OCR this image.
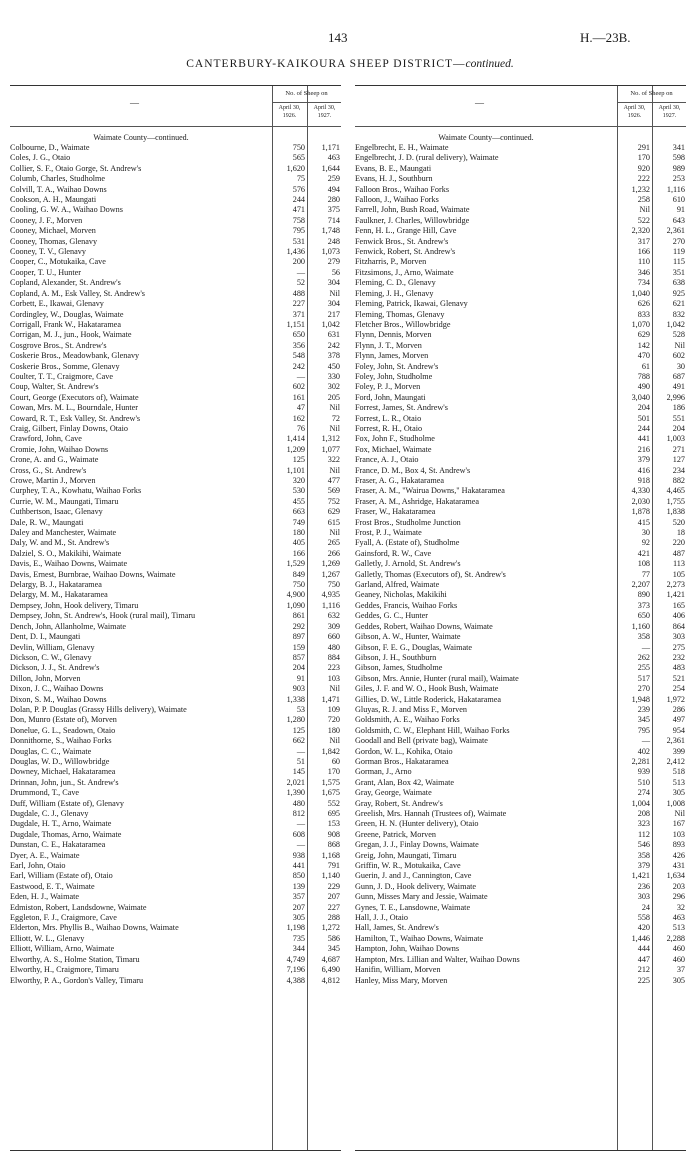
143	H.—23B.
CANTERBURY-KAIKOURA SHEEP DISTRICT—continued.
—
No. of Sheep on
April 30, 1926.
April 30, 1927.
Waimate County—continued.
Colbourne, D., Waimate	750	1,171
Coles, J. G., Otaio	565	463
Collier, S. F., Otaio Gorge, St. Andrew's	1,620	1,644
Columb, Charles, Studholme	75	259
Colvill, T. A., Waihao Downs	576	494
Cookson, A. H., Maungati	244	280
Cooling, G. W. A., Waihao Downs	471	375
Cooney, J. F., Morven	758	714
Cooney, Michael, Morven	795	1,748
Cooney, Thomas, Glenavy	531	248
Cooney, T. V., Glenavy	1,436	1,073
Cooper, C., Motukaika, Cave	200	279
Cooper, T. U., Hunter	—	56
Copland, Alexander, St. Andrew's	52	304
Copland, A. M., Esk Valley, St. Andrew's	488	Nil
Corbett, E., Ikawai, Glenavy	227	304
Cordingley, W., Douglas, Waimate	371	217
Corrigall, Frank W., Hakataramea	1,151	1,042
Corrigan, M. J., jun., Hook, Waimate	650	631
Cosgrove Bros., St. Andrew's	356	242
Coskerie Bros., Meadowbank, Glenavy	548	378
Coskerie Bros., Somme, Glenavy	242	450
Coulter, T. T., Craigmore, Cave	—	330
Coup, Walter, St. Andrew's	602	302
Court, George (Executors of), Waimate	161	205
Cowan, Mrs. M. L., Bourndale, Hunter	47	Nil
Coward, R. T., Esk Valley, St. Andrew's	162	72
Craig, Gilbert, Finlay Downs, Otaio	76	Nil
Crawford, John, Cave	1,414	1,312
Cromie, John, Waihao Downs	1,209	1,077
Crone, A. and G., Waimate	125	322
Cross, G., St. Andrew's	1,101	Nil
Crowe, Martin J., Morven	320	477
Curphey, T. A., Kowhatu, Waihao Forks	530	569
Currie, W. M., Maungati, Timaru	455	752
Cuthbertson, Isaac, Glenavy	663	629
Dale, R. W., Maungati	749	615
Daley and Manchester, Waimate	180	Nil
Daly, W. and M., St. Andrew's	405	265
Dalziel, S. O., Makikihi, Waimate	166	266
Davis, E., Waihao Downs, Waimate	1,529	1,269
Davis, Ernest, Burnbrae, Waihao Downs, Waimate	849	1,267
Delargy, B. J., Hakataramea	750	750
Delargy, M. M., Hakataramea	4,900	4,935
Dempsey, John, Hook delivery, Timaru	1,090	1,116
Dempsey, John, St. Andrew's, Hook (rural mail), Timaru	861	632
Dench, John, Allanholme, Waimate	292	309
Dent, D. I., Maungati	897	660
Devlin, William, Glenavy	159	480
Dickson, C. W., Glenavy	857	884
Dickson, J. J., St. Andrew's	204	223
Dillon, John, Morven	91	103
Dixon, J. C., Waihao Downs	903	Nil
Dixon, S. M., Waihao Downs	1,338	1,471
Dolan, P. P. Douglas (Grassy Hills delivery), Waimate	53	109
Don, Munro (Estate of), Morven	1,280	720
Donelue, G. L., Seadown, Otaio	125	180
Donnithorne, S., Waihao Forks	662	Nil
Douglas, C. C., Waimate	—	1,842
Douglas, W. D., Willowbridge	51	60
Downey, Michael, Hakataramea	145	170
Drinnan, John, jun., St. Andrew's	2,021	1,575
Drummond, T., Cave	1,390	1,675
Duff, William (Estate of), Glenavy	480	552
Dugdale, C. J., Glenavy	812	695
Dugdale, H. T., Arno, Waimate	—	153
Dugdale, Thomas, Arno, Waimate	608	908
Dunstan, C. E., Hakataramea	—	868
Dyer, A. E., Waimate	938	1,168
Earl, John, Otaio	441	791
Earl, William (Estate of), Otaio	850	1,140
Eastwood, E. T., Waimate	139	229
Eden, H. J., Waimate	357	207
Edmiston, Robert, Landsdowne, Waimate	207	227
Eggleton, F. J., Craigmore, Cave	305	288
Elderton, Mrs. Phyllis B., Waihao Downs, Waimate	1,198	1,272
Elliott, W. L., Glenavy	735	586
Elliott, William, Arno, Waimate	344	345
Elworthy, A. S., Holme Station, Timaru	4,749	4,687
Elworthy, H., Craigmore, Timaru	7,196	6,490
Elworthy, P. A., Gordon's Valley, Timaru	4,388	4,812
—
No. of Sheep on
April 30, 1926.
April 30, 1927.
Waimate County—continued.
Engelbrecht, E. H., Waimate	291	341
Engelbrecht, J. D. (rural delivery), Waimate	170	598
Evans, B. E., Maungati	920	989
Evans, H. J., Southburn	222	253
Falloon Bros., Waihao Forks	1,232	1,116
Falloon, J., Waihao Forks	258	610
Farrell, John, Bush Road, Waimate	Nil	91
Faulkner, J. Charles, Willowbridge	522	643
Fenn, H. L., Grange Hill, Cave	2,320	2,361
Fenwick Bros., St. Andrew's	317	270
Fenwick, Robert, St. Andrew's	166	119
Fitzharris, P., Morven	110	115
Fitzsimons, J., Arno, Waimate	346	351
Fleming, C. D., Glenavy	734	638
Fleming, J. H., Glenavy	1,040	925
Fleming, Patrick, Ikawai, Glenavy	626	621
Fleming, Thomas, Glenavy	833	832
Fletcher Bros., Willowbridge	1,070	1,042
Flynn, Dennis, Morven	629	528
Flynn, J. T., Morven	142	Nil
Flynn, James, Morven	470	602
Foley, John, St. Andrew's	61	30
Foley, John, Studholme	788	687
Foley, P. J., Morven	490	491
Ford, John, Maungati	3,040	2,996
Forrest, James, St. Andrew's	204	186
Forrest, L. R., Otaio	501	551
Forrest, R. H., Otaio	244	204
Fox, John F., Studholme	441	1,003
Fox, Michael, Waimate	216	271
France, A. J., Otaio	379	127
France, D. M., Box 4, St. Andrew's	416	234
Fraser, A. G., Hakataramea	918	882
Fraser, A. M., "Wairua Downs," Hakataramea	4,330	4,465
Fraser, A. M., Ashridge, Hakataramea	2,030	1,755
Fraser, W., Hakataramea	1,878	1,838
Frost Bros., Studholme Junction	415	520
Frost, P. J., Waimate	30	18
Fyall, A. (Estate of), Studholme	92	220
Gainsford, R. W., Cave	421	487
Galletly, J. Arnold, St. Andrew's	108	113
Galletly, Thomas (Executors of), St. Andrew's	77	105
Garland, Alfred, Waimate	2,207	2,273
Geaney, Nicholas, Makikihi	890	1,421
Geddes, Francis, Waihao Forks	373	165
Geddes, G. C., Hunter	650	406
Geddes, Robert, Waihao Downs, Waimate	1,160	864
Gibson, A. W., Hunter, Waimate	358	303
Gibson, F. E. G., Douglas, Waimate	—	275
Gibson, J. H., Southburn	262	232
Gibson, James, Studholme	255	483
Gibson, Mrs. Annie, Hunter (rural mail), Waimate	517	521
Giles, J. F. and W. O., Hook Bush, Waimate	270	254
Gillies, D. W., Little Roderick, Hakataramea	1,948	1,972
Gluyas, R. J. and Miss F., Morven	239	286
Goldsmith, A. E., Waihao Forks	345	497
Goldsmith, C. W., Elephant Hill, Waihao Forks	795	954
Goodall and Bell (private bag), Waimate	—	2,361
Gordon, W. L., Kohika, Otaio	402	399
Gorman Bros., Hakataramea	2,281	2,412
Gorman, J., Arno	939	518
Grant, Alan, Box 42, Waimate	510	513
Gray, George, Waimate	274	305
Gray, Robert, St. Andrew's	1,004	1,008
Greelish, Mrs. Hannah (Trustees of), Waimate	208	Nil
Green, H. N. (Hunter delivery), Otaio	323	167
Greene, Patrick, Morven	112	103
Gregan, J. J., Finlay Downs, Waimate	546	893
Greig, John, Maungati, Timaru	358	426
Griffin, W. R., Motukaika, Cave	379	431
Guerin, J. and J., Cannington, Cave	1,421	1,634
Gunn, J. D., Hook delivery, Waimate	236	203
Gunn, Misses Mary and Jessie, Waimate	303	296
Gynes, T. E., Lansdowne, Waimate	24	32
Hall, J. J., Otaio	558	463
Hall, James, St. Andrew's	420	513
Hamilton, T., Waihao Downs, Waimate	1,446	2,288
Hampton, John, Waihao Downs	444	460
Hampton, Mrs. Lillian and Walter, Waihao Downs	447	460
Hanifin, William, Morven	212	37
Hanley, Miss Mary, Morven	225	305
